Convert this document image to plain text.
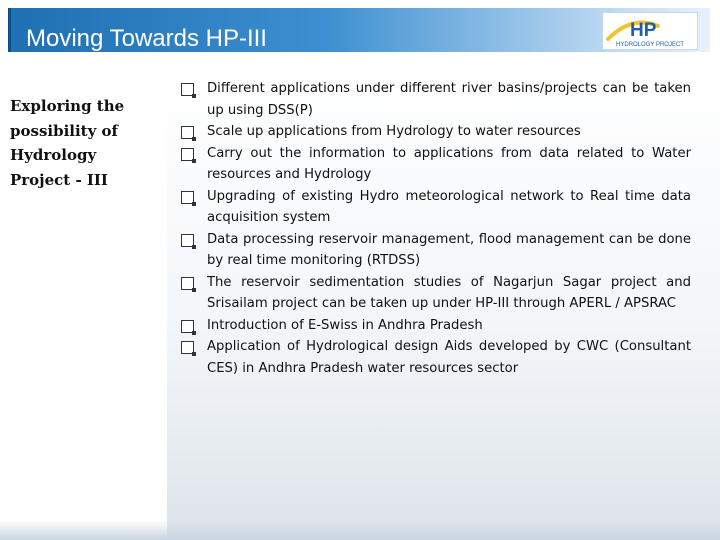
Moving Towards HP-III	HP
HYDROLOGY PROJECT

Exploring the
possibility of
Hydrology
Project - III

Different applications under different river basins/projects can be taken up using DSS(P)
Scale up applications from Hydrology to water resources
Carry out the information to applications from data related to Water resources and Hydrology
Upgrading of existing Hydro meteorological network to Real time data acquisition system
Data processing reservoir management, flood management can be done by real time monitoring (RTDSS)
The reservoir sedimentation studies of Nagarjun Sagar project and Srisailam project can be taken up under HP-III through APERL / APSRAC
Introduction of E-Swiss in Andhra Pradesh
Application of Hydrological design Aids developed by CWC (Consultant CES) in Andhra Pradesh water resources sector
